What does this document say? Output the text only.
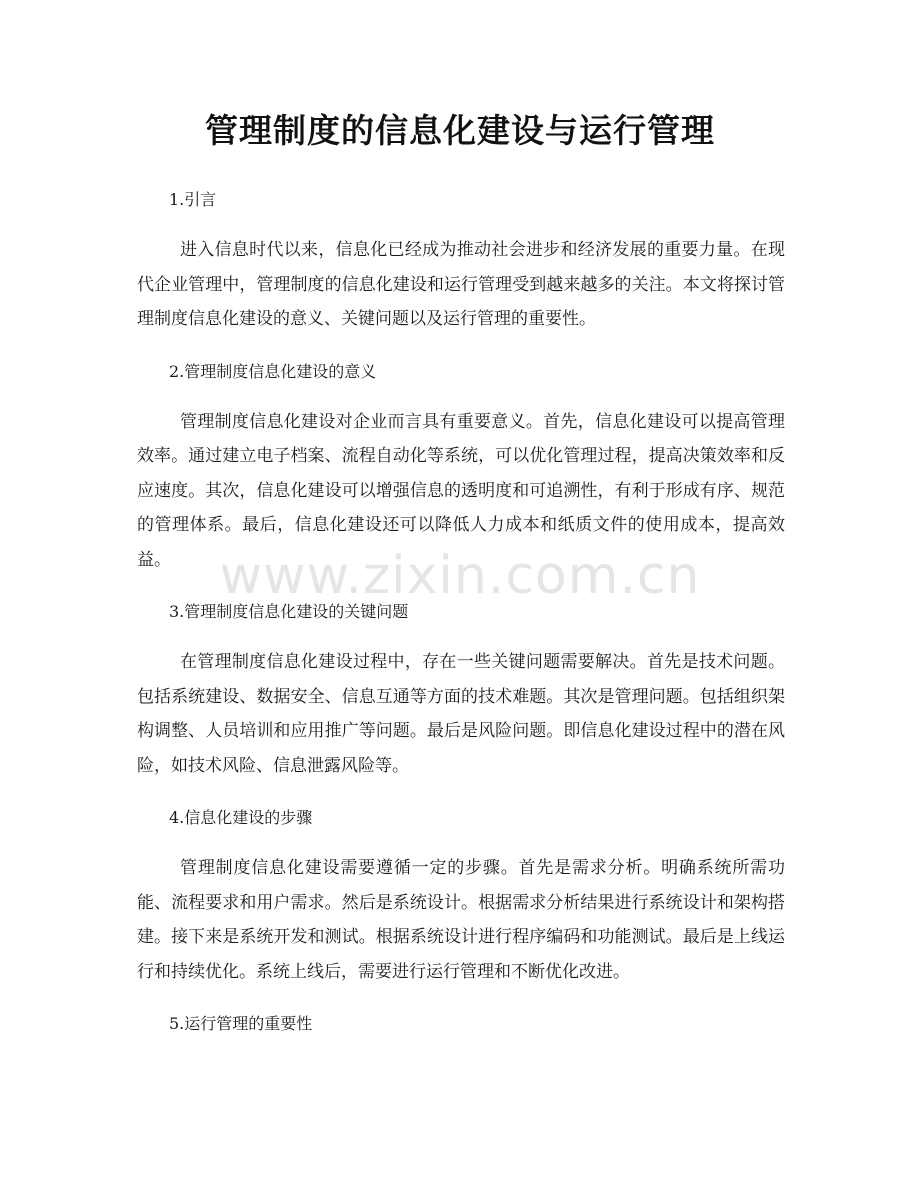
管理制度的信息化建设与运行管理
1.引言

进入信息时代以来，信息化已经成为推动社会进步和经济发展的重要力量。在现代企业管理中，管理制度的信息化建设和运行管理受到越来越多的关注。本文将探讨管理制度信息化建设的意义、关键问题以及运行管理的重要性。

2.管理制度信息化建设的意义

管理制度信息化建设对企业而言具有重要意义。首先，信息化建设可以提高管理效率。通过建立电子档案、流程自动化等系统，可以优化管理过程，提高决策效率和反应速度。其次，信息化建设可以增强信息的透明度和可追溯性，有利于形成有序、规范的管理体系。最后，信息化建设还可以降低人力成本和纸质文件的使用成本，提高效益。

3.管理制度信息化建设的关键问题

在管理制度信息化建设过程中，存在一些关键问题需要解决。首先是技术问题。包括系统建设、数据安全、信息互通等方面的技术难题。其次是管理问题。包括组织架构调整、人员培训和应用推广等问题。最后是风险问题。即信息化建设过程中的潜在风险，如技术风险、信息泄露风险等。

4.信息化建设的步骤

管理制度信息化建设需要遵循一定的步骤。首先是需求分析。明确系统所需功能、流程要求和用户需求。然后是系统设计。根据需求分析结果进行系统设计和架构搭建。接下来是系统开发和测试。根据系统设计进行程序编码和功能测试。最后是上线运行和持续优化。系统上线后，需要进行运行管理和不断优化改进。

5.运行管理的重要性
www.zixin.com.cn
